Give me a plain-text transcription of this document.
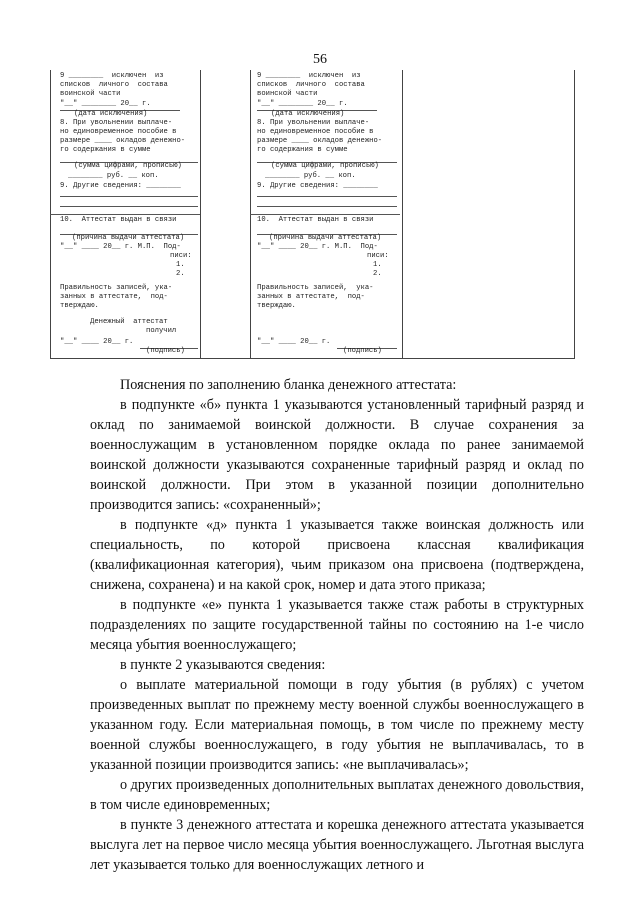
56
9 ________  исключен  из
списков  личного  состава
воинской части
"__" ________ 20__ г.
(дата исключения)
8. При увольнении выплаче-
но единовременное пособие в
размере ____ окладов денежно-
го содержания в сумме
(сумма цифрами, прописью)
________ руб. __ коп.
9. Другие сведения: ________
10.  Аттестат выдан в связи
(причина выдачи аттестата)
"__" ____ 20__ г. М.П.  Под-
писи:
1.
2.
Правильность записей, ука-
занных в аттестате,  под-
тверждаю.
Денежный  аттестат
получил
"__" ____ 20__ г.
(подпись)
9 ________  исключен  из
списков  личного  состава
воинской части
"__" ________ 20__ г.
(дата исключения)
8. При увольнении выплаче-
но единовременное пособие в
размере ____ окладов денежно-
го содержания в сумме
(сумма цифрами, прописью)
________ руб. __ коп.
9. Другие сведения: ________
10.  Аттестат выдан в связи
(причина выдачи аттестата)
"__" ____ 20__ г. М.П.  Под-
писи:
1.
2.
Правильность записей,  ука-
занных в аттестате,  под-
тверждаю.
"__" ____ 20__ г.
(подпись)

Пояснения по заполнению бланка денежного аттестата:

в подпункте «б» пункта 1 указываются установленный тарифный разряд и оклад по занимаемой воинской должности. В случае сохранения за военнослужащим в установленном порядке оклада по ранее занимаемой воинской должности указываются сохраненные тарифный разряд и оклад по воинской должности. При этом в указанной позиции дополнительно производится запись: «сохраненный»;

в подпункте «д» пункта 1 указывается также воинская должность или специальность, по которой присвоена классная квалификация (квалификационная категория), чьим приказом она присвоена (подтверждена, снижена, сохранена) и на какой срок, номер и дата этого приказа;

в подпункте «е» пункта 1 указывается также стаж работы в структурных подразделениях по защите государственной тайны по состоянию на 1-е число месяца убытия военнослужащего;

в пункте 2 указываются сведения:

о выплате материальной помощи в году убытия (в рублях) с учетом произведенных выплат по прежнему месту военной службы военнослужащего в указанном году. Если материальная помощь, в том числе по прежнему месту военной службы военнослужащего, в году убытия не выплачивалась, то в указанной позиции производится запись: «не выплачивалась»;

о других произведенных дополнительных выплатах денежного довольствия, в том числе единовременных;

в пункте 3 денежного аттестата и корешка денежного аттестата указывается выслуга лет на первое число месяца убытия военнослужащего. Льготная выслуга лет указывается только для военнослужащих летного и
